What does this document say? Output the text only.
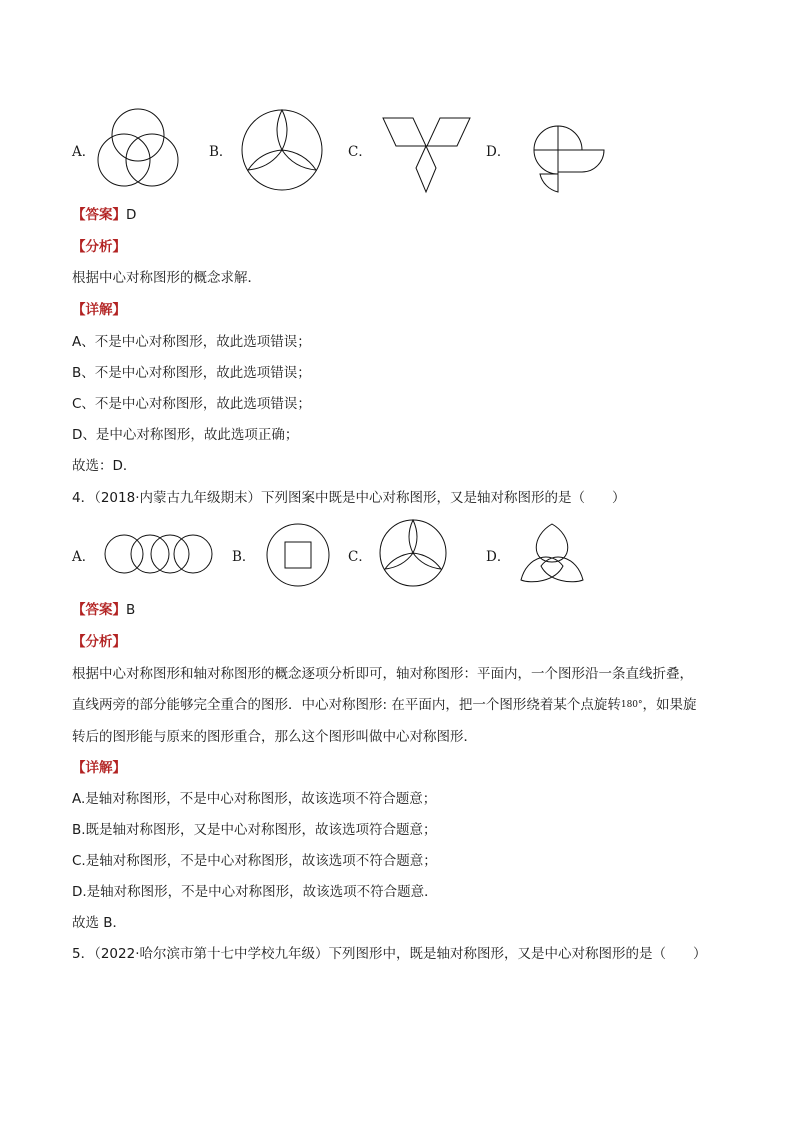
A．	B．	C．	D．
【答案】D
【分析】
根据中心对称图形的概念求解．
【详解】
A、不是中心对称图形，故此选项错误；
B、不是中心对称图形，故此选项错误；
C、不是中心对称图形，故此选项错误；
D、是中心对称图形，故此选项正确；
故选：D．
4．（2018·内蒙古九年级期末）下列图案中既是中心对称图形，又是轴对称图形的是（　　）
A．	B．	C．	D．
【答案】B
【分析】
根据中心对称图形和轴对称图形的概念逐项分析即可，轴对称图形：平面内，一个图形沿一条直线折叠，
直线两旁的部分能够完全重合的图形．中心对称图形: 在平面内，把一个图形绕着某个点旋转$^{180^\circ}$，如果旋
转后的图形能与原来的图形重合，那么这个图形叫做中心对称图形．
【详解】
A.是轴对称图形，不是中心对称图形，故该选项不符合题意；
B.既是轴对称图形，又是中心对称图形，故该选项符合题意；
C.是轴对称图形，不是中心对称图形，故该选项不符合题意；
D.是轴对称图形，不是中心对称图形，故该选项不符合题意．
故选 B．
5．（2022·哈尔滨市第十七中学校九年级）下列图形中，既是轴对称图形，又是中心对称图形的是（　　）
